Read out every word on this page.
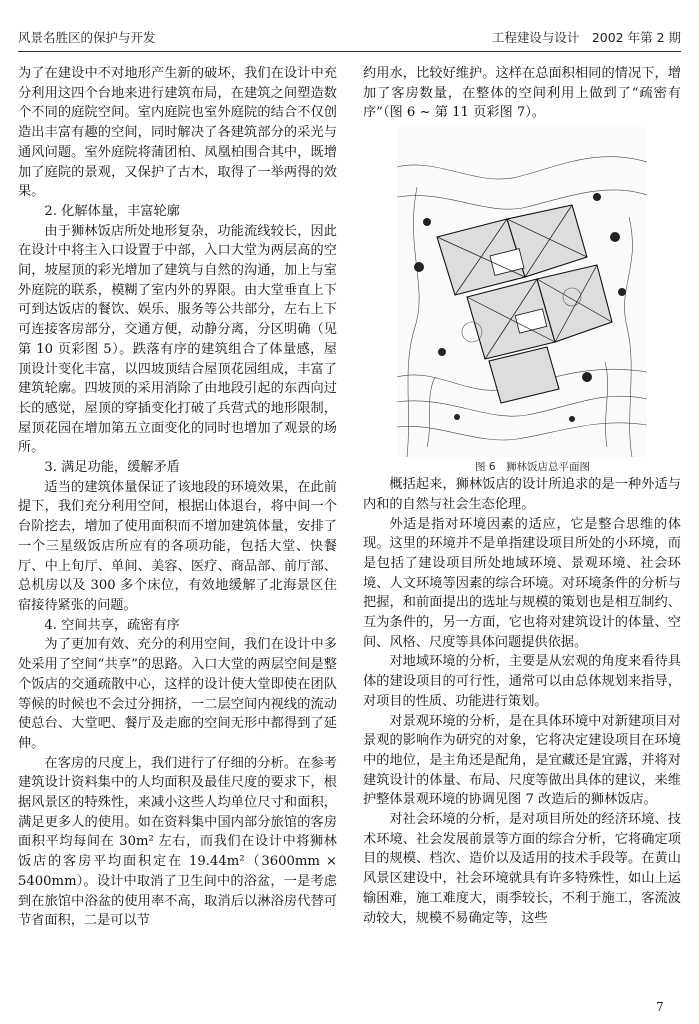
风景名胜区的保护与开发	工程建设与设计　2002 年第 2 期

为了在建设中不对地形产生新的破坏，我们在设计中充分利用这四个台地来进行建筑布局，在建筑之间塑造数个不同的庭院空间。室内庭院也室外庭院的结合不仅创造出丰富有趣的空间，同时解决了各建筑部分的采光与通风问题。室外庭院将蒲团柏、凤凰柏围合其中，既增加了庭院的景观，又保护了古木，取得了一举两得的效果。

2. 化解体量，丰富轮廓

由于狮林饭店所处地形复杂，功能流线较长，因此在设计中将主入口设置于中部，入口大堂为两层高的空间，坡屋顶的彩光增加了建筑与自然的沟通，加上与室外庭院的联系，模糊了室内外的界限。由大堂垂直上下可到达饭店的餐饮、娱乐、服务等公共部分，左右上下可连接客房部分，交通方便，动静分离，分区明确（见第 10 页彩图 5）。跌落有序的建筑组合了体量感，屋顶设计变化丰富，以四坡顶结合屋顶花园组成，丰富了建筑轮廓。四坡顶的采用消除了由地段引起的东西向过长的感觉，屋顶的穿插变化打破了兵营式的地形限制，屋顶花园在增加第五立面变化的同时也增加了观景的场所。

3. 满足功能，缓解矛盾

适当的建筑体量保证了该地段的环境效果，在此前提下，我们充分利用空间，根据山体退台，将中间一个台阶挖去，增加了使用面积而不增加建筑体量，安排了一个三星级饭店所应有的各项功能，包括大堂、快餐厅、中上旬厅、单间、美容、医疗、商品部、前厅部、总机房以及 300 多个床位，有效地缓解了北海景区住宿接待紧张的问题。

4. 空间共享，疏密有序

为了更加有效、充分的利用空间，我们在设计中多处采用了空间“共享”的思路。入口大堂的两层空间是整个饭店的交通疏散中心，这样的设计使大堂即使在团队等候的时候也不会过分拥挤，一二层空间内视线的流动使总台、大堂吧、餐厅及走廊的空间无形中都得到了延伸。

在客房的尺度上，我们进行了仔细的分析。在参考建筑设计资料集中的人均面积及最佳尺度的要求下，根据风景区的特殊性，来减小这些人均单位尺寸和面积，满足更多人的使用。如在资料集中国内部分旅馆的客房面积平均每间在 30m² 左右，而我们在设计中将狮林饭店的客房平均面积定在 19.44m²（3600mm × 5400mm）。设计中取消了卫生间中的浴盆，一是考虑到在旅馆中浴盆的使用率不高，取消后以淋浴房代替可节省面积，二是可以节

约用水，比较好维护。这样在总面积相同的情况下，增加了客房数量，在整体的空间利用上做到了“疏密有序”（图 6 ~ 第 11 页彩图 7）。

图 6　狮林饭店总平面图

概括起来，狮林饭店的设计所追求的是一种外适与内和的自然与社会生态伦理。

外适是指对环境因素的适应，它是整合思维的体现。这里的环境并不是单指建设项目所处的小环境，而是包括了建设项目所处地域环境、景观环境、社会环境、人文环境等因素的综合环境。对环境条件的分析与把握，和前面提出的选址与规模的策划也是相互制约、互为条件的，另一方面，它也将对建筑设计的体量、空间、风格、尺度等具体问题提供依据。

对地域环境的分析，主要是从宏观的角度来看待具体的建设项目的可行性，通常可以由总体规划来指导，对项目的性质、功能进行策划。

对景观环境的分析，是在具体环境中对新建项目对景观的影响作为研究的对象，它将决定建设项目在环境中的地位，是主角还是配角，是宜藏还是宜露，并将对建筑设计的体量、布局、尺度等做出具体的建议，来维护整体景观环境的协调见图 7 改造后的狮林饭店。

对社会环境的分析，是对项目所处的经济环境、技术环境、社会发展前景等方面的综合分析，它将确定项目的规模、档次、造价以及适用的技术手段等。在黄山风景区建设中，社会环境就具有许多特殊性，如山上运输困难，施工难度大，雨季较长，不利于施工，客流波动较大，规模不易确定等，这些

7
